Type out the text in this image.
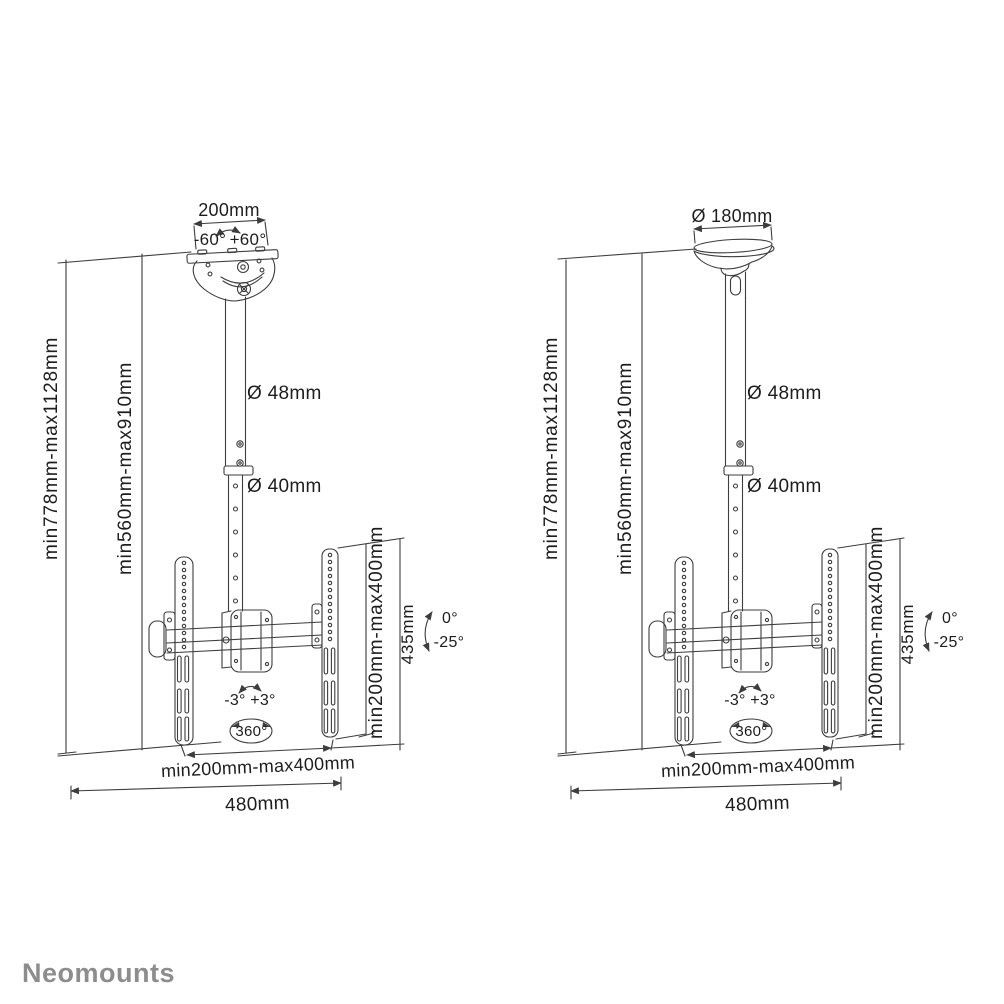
200mm
-60° +60°
min778mm-max1128mm	min560mm-max910mm	Ø 48mm
Ø 40mm
min200mm-max400mm 435mm	0°
-25°
-3° +3°
360°
min200mm-max400mm
480mm
Ø 180mm
min778mm-max1128mm	min560mm-max910mm	Ø 48mm
Ø 40mm
min200mm-max400mm 435mm	0°
-25°
-3° +3°
360°
min200mm-max400mm
480mm
Neomounts
